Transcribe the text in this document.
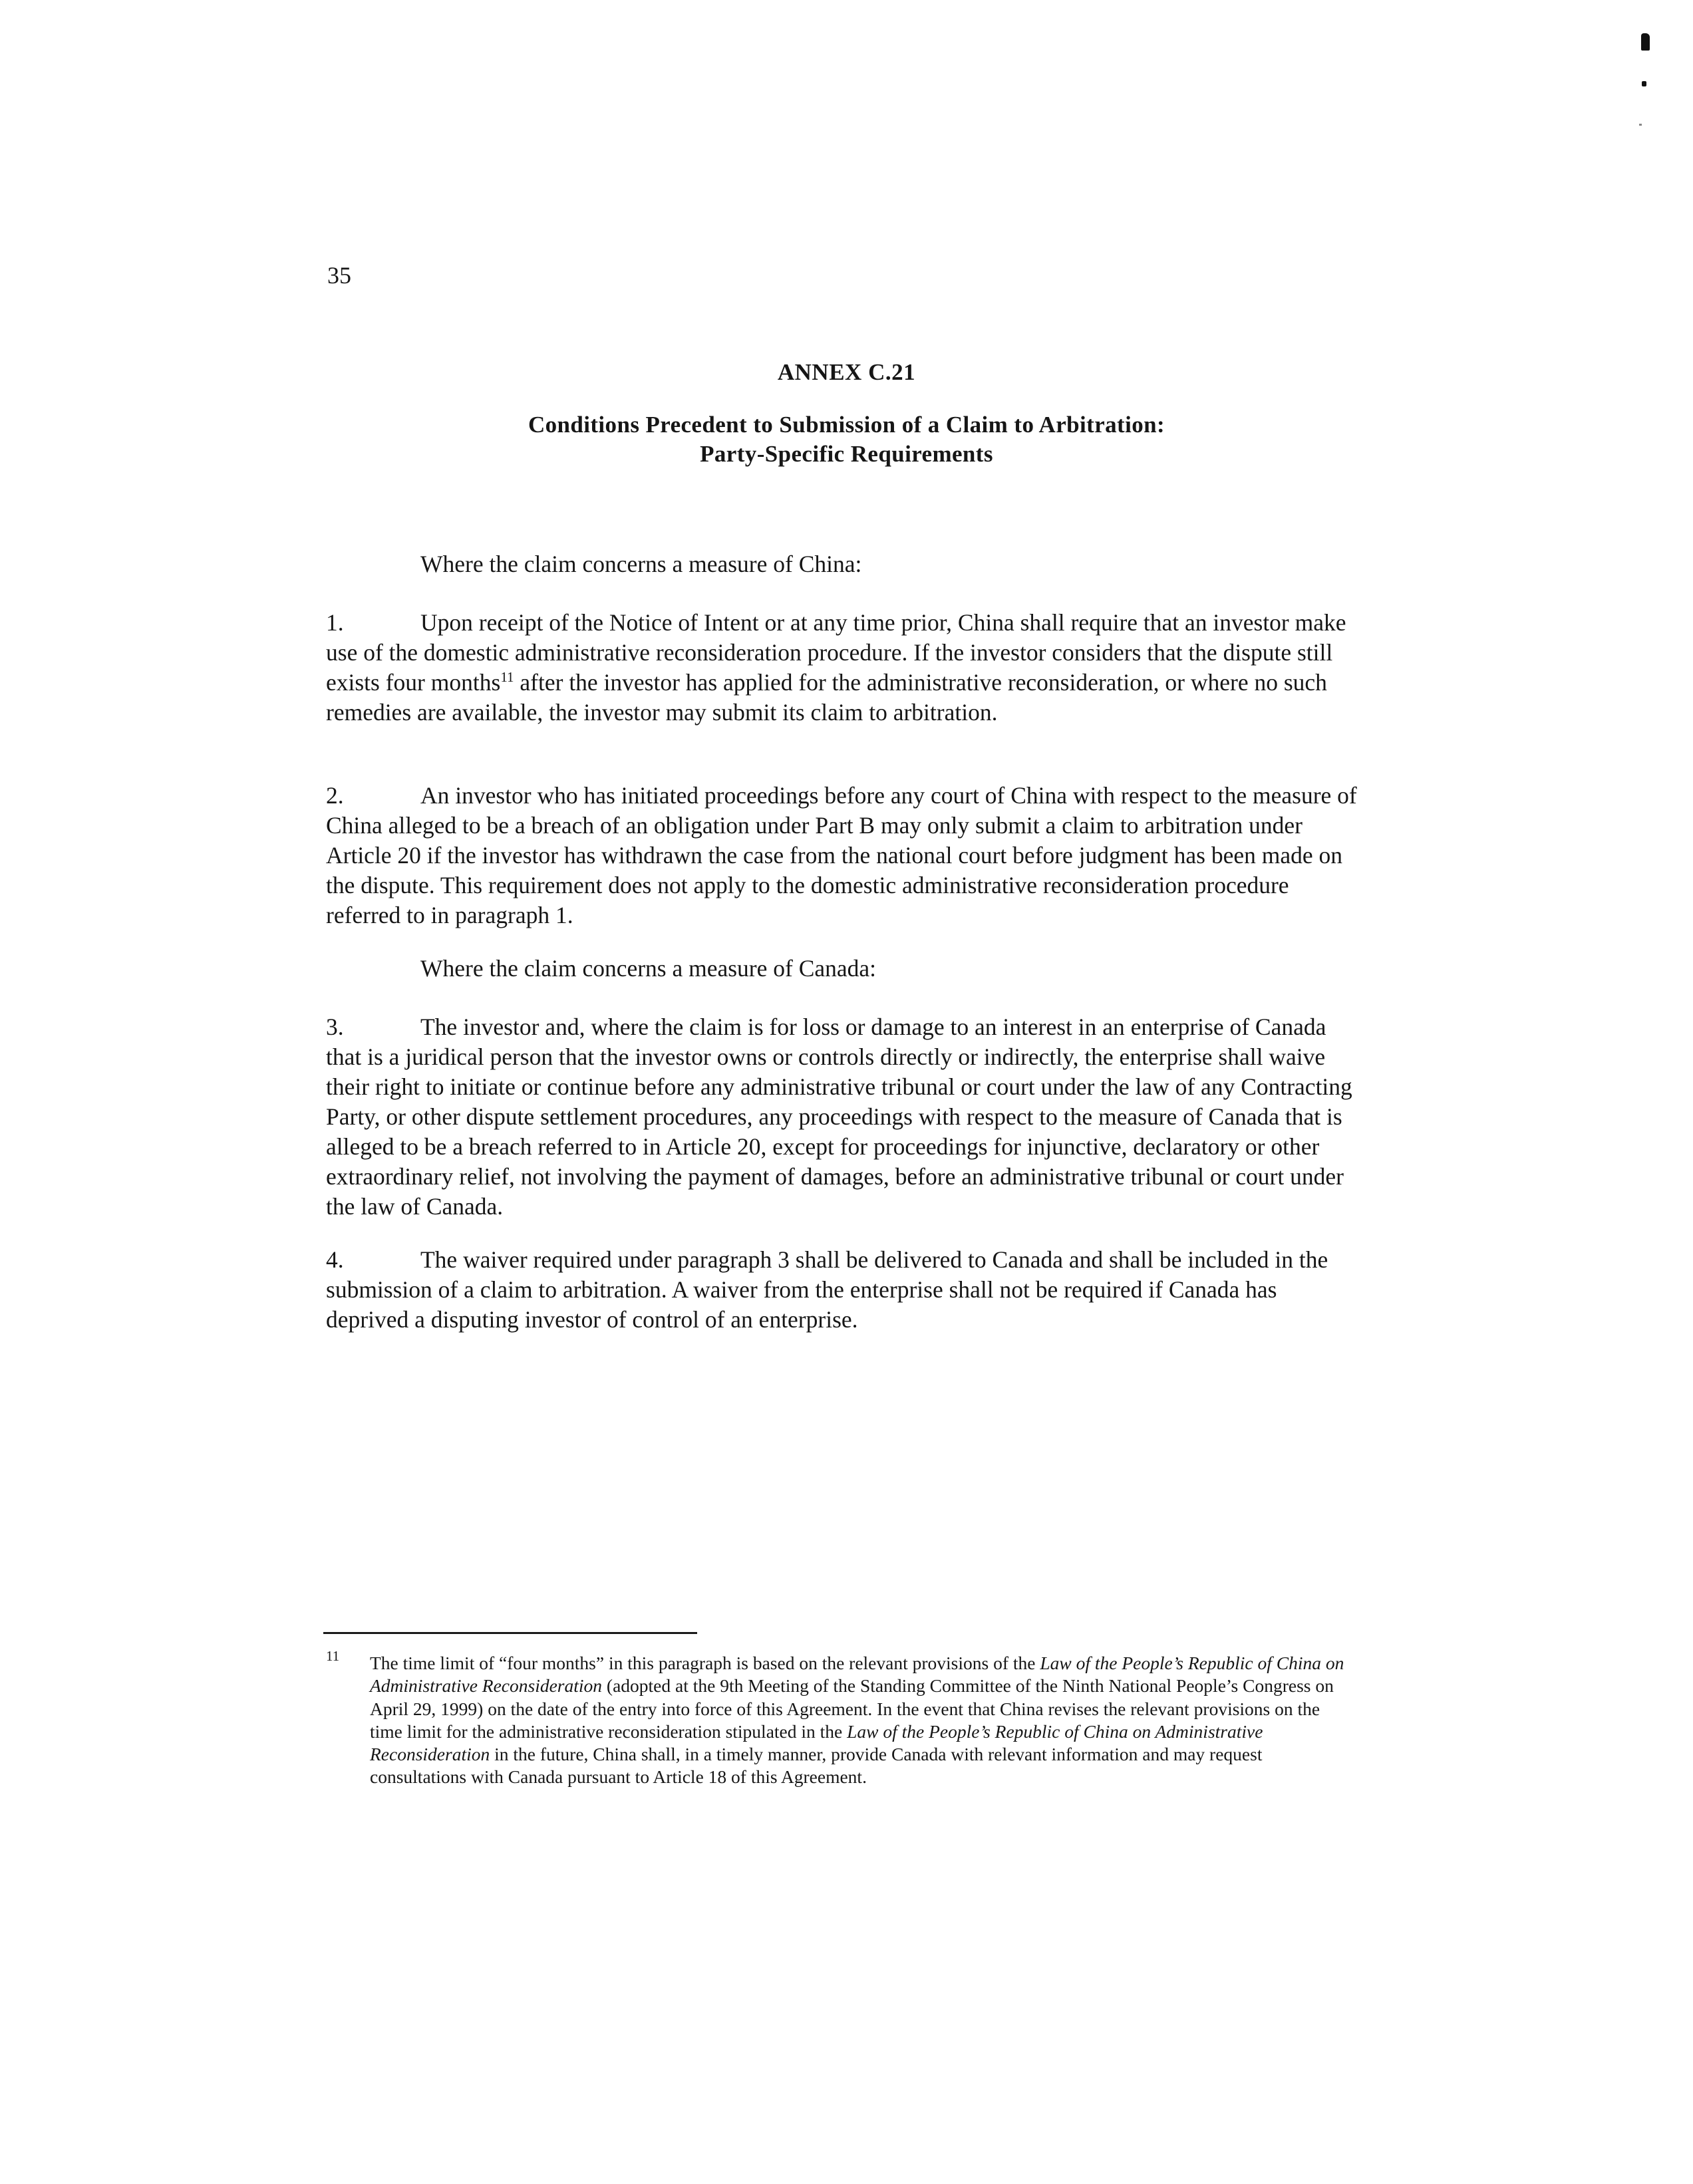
35
ANNEX C.21
Conditions Precedent to Submission of a Claim to Arbitration:
Party-Specific Requirements
Where the claim concerns a measure of China:
1.	Upon receipt of the Notice of Intent or at any time prior, China shall require that an investor make use of the domestic administrative reconsideration procedure. If the investor considers that the dispute still exists four months$^{11}$ after the investor has applied for the administrative reconsideration, or where no such remedies are available, the investor may submit its claim to arbitration.
2.	An investor who has initiated proceedings before any court of China with respect to the measure of China alleged to be a breach of an obligation under Part B may only submit a claim to arbitration under Article 20 if the investor has withdrawn the case from the national court before judgment has been made on the dispute. This requirement does not apply to the domestic administrative reconsideration procedure referred to in paragraph 1.
Where the claim concerns a measure of Canada:
3.	The investor and, where the claim is for loss or damage to an interest in an enterprise of Canada that is a juridical person that the investor owns or controls directly or indirectly, the enterprise shall waive their right to initiate or continue before any administrative tribunal or court under the law of any Contracting Party, or other dispute settlement procedures, any proceedings with respect to the measure of Canada that is alleged to be a breach referred to in Article 20, except for proceedings for injunctive, declaratory or other extraordinary relief, not involving the payment of damages, before an administrative tribunal or court under the law of Canada.
4.	The waiver required under paragraph 3 shall be delivered to Canada and shall be included in the submission of a claim to arbitration. A waiver from the enterprise shall not be required if Canada has deprived a disputing investor of control of an enterprise.
11 The time limit of “four months” in this paragraph is based on the relevant provisions of the Law of the People’s Republic of China on Administrative Reconsideration (adopted at the 9th Meeting of the Standing Committee of the Ninth National People’s Congress on April 29, 1999) on the date of the entry into force of this Agreement. In the event that China revises the relevant provisions on the time limit for the administrative reconsideration stipulated in the Law of the People’s Republic of China on Administrative Reconsideration in the future, China shall, in a timely manner, provide Canada with relevant information and may request consultations with Canada pursuant to Article 18 of this Agreement.
